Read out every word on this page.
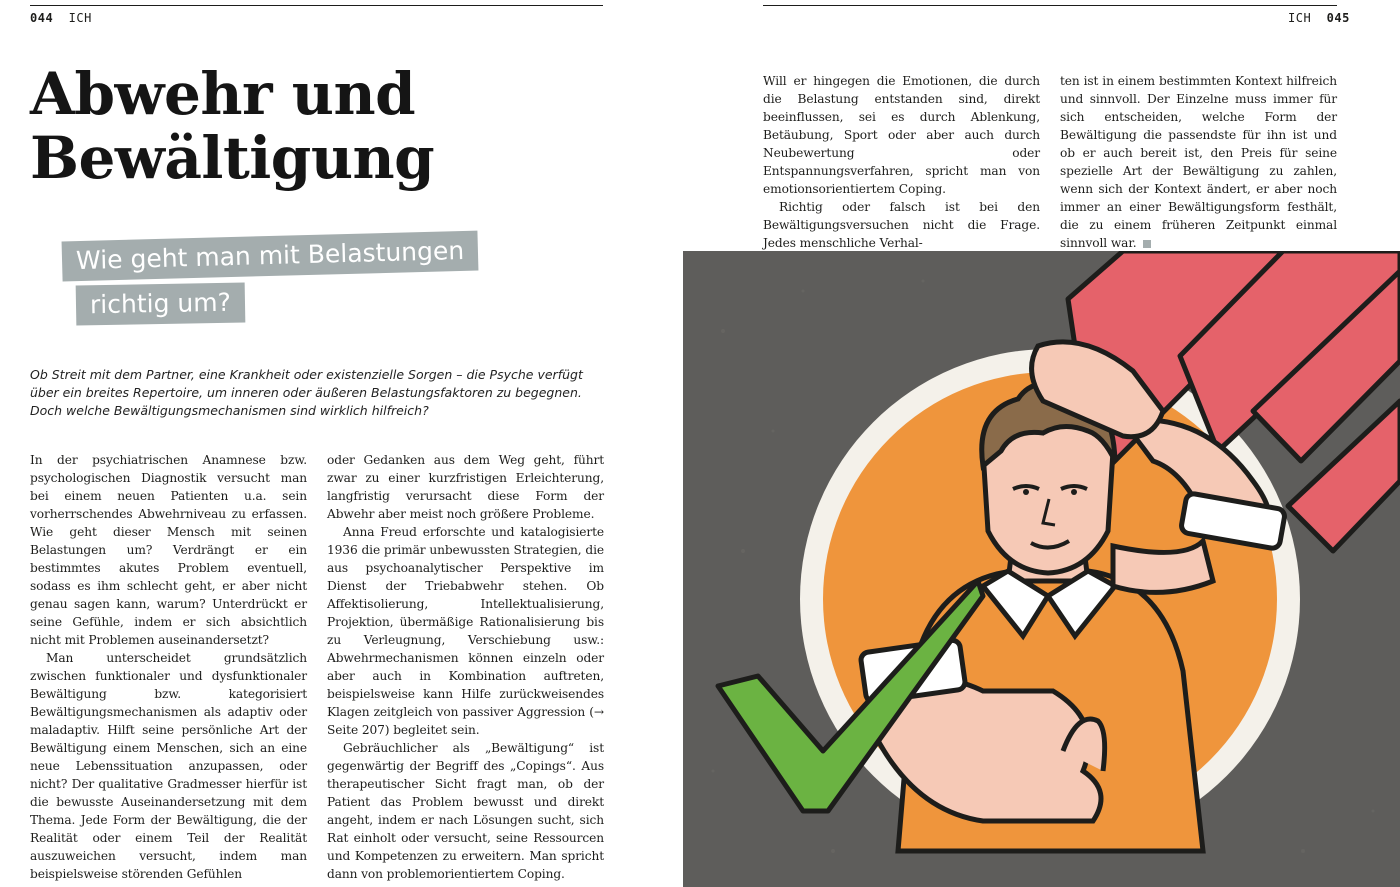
044 ICH	ICH 045
Abwehr und
Bewältigung
Wie geht man mit Belastungen
richtig um?

Ob Streit mit dem Partner, eine Krankheit oder existenzielle Sorgen – die Psyche verfügt über ein breites Repertoire, um inneren oder äußeren Belastungsfaktoren zu begegnen. Doch welche Bewältigungsmechanismen sind wirklich hilfreich?

In der psychiatrischen Anamnese bzw. psychologischen Diagnostik versucht man bei einem neuen Patienten u.a. sein vorherrschendes Abwehrniveau zu erfassen. Wie geht dieser Mensch mit seinen Belastungen um? Verdrängt er ein bestimmtes akutes Problem eventuell, sodass es ihm schlecht geht, er aber nicht genau sagen kann, warum? Unterdrückt er seine Gefühle, indem er sich absichtlich nicht mit Problemen auseinandersetzt?

Man unterscheidet grundsätzlich zwischen funktionaler und dysfunktionaler Bewältigung bzw. kategorisiert Bewältigungsmechanismen als adaptiv oder maladaptiv. Hilft seine persönliche Art der Bewältigung einem Menschen, sich an eine neue Lebenssituation anzupassen, oder nicht? Der qualitative Gradmesser hierfür ist die bewusste Auseinandersetzung mit dem Thema. Jede Form der Bewältigung, die der Realität oder einem Teil der Realität auszuweichen versucht, indem man beispielsweise störenden Gefühlen

oder Gedanken aus dem Weg geht, führt zwar zu einer kurzfristigen Erleichterung, langfristig verursacht diese Form der Abwehr aber meist noch größere Probleme.

Anna Freud erforschte und katalogisierte 1936 die primär unbewussten Strategien, die aus psychoanalytischer Perspektive im Dienst der Triebabwehr stehen. Ob Affektisolierung, Intellektualisierung, Projektion, übermäßige Rationalisierung bis zu Verleugnung, Verschiebung usw.: Abwehrmechanismen können einzeln oder aber auch in Kombination auftreten, beispielsweise kann Hilfe zurückweisendes Klagen zeitgleich von passiver Aggression (→ Seite 207) begleitet sein.

Gebräuchlicher als „Bewältigung“ ist gegenwärtig der Begriff des „Copings“. Aus therapeutischer Sicht fragt man, ob der Patient das Problem bewusst und direkt angeht, indem er nach Lösungen sucht, sich Rat einholt oder versucht, seine Ressourcen und Kompetenzen zu erweitern. Man spricht dann von problemorientiertem Coping.

Will er hingegen die Emotionen, die durch die Belastung entstanden sind, direkt beeinflussen, sei es durch Ablenkung, Betäubung, Sport oder aber auch durch Neubewertung oder Entspannungsverfahren, spricht man von emotionsorientiertem Coping.

Richtig oder falsch ist bei den Bewältigungsversuchen nicht die Frage. Jedes menschliche Verhal-

ten ist in einem bestimmten Kontext hilfreich und sinnvoll. Der Einzelne muss immer für sich entscheiden, welche Form der Bewältigung die passendste für ihn ist und ob er auch bereit ist, den Preis für seine spezielle Art der Bewältigung zu zahlen, wenn sich der Kontext ändert, er aber noch immer an einer Bewältigungsform festhält, die zu einem früheren Zeitpunkt einmal sinnvoll war.
